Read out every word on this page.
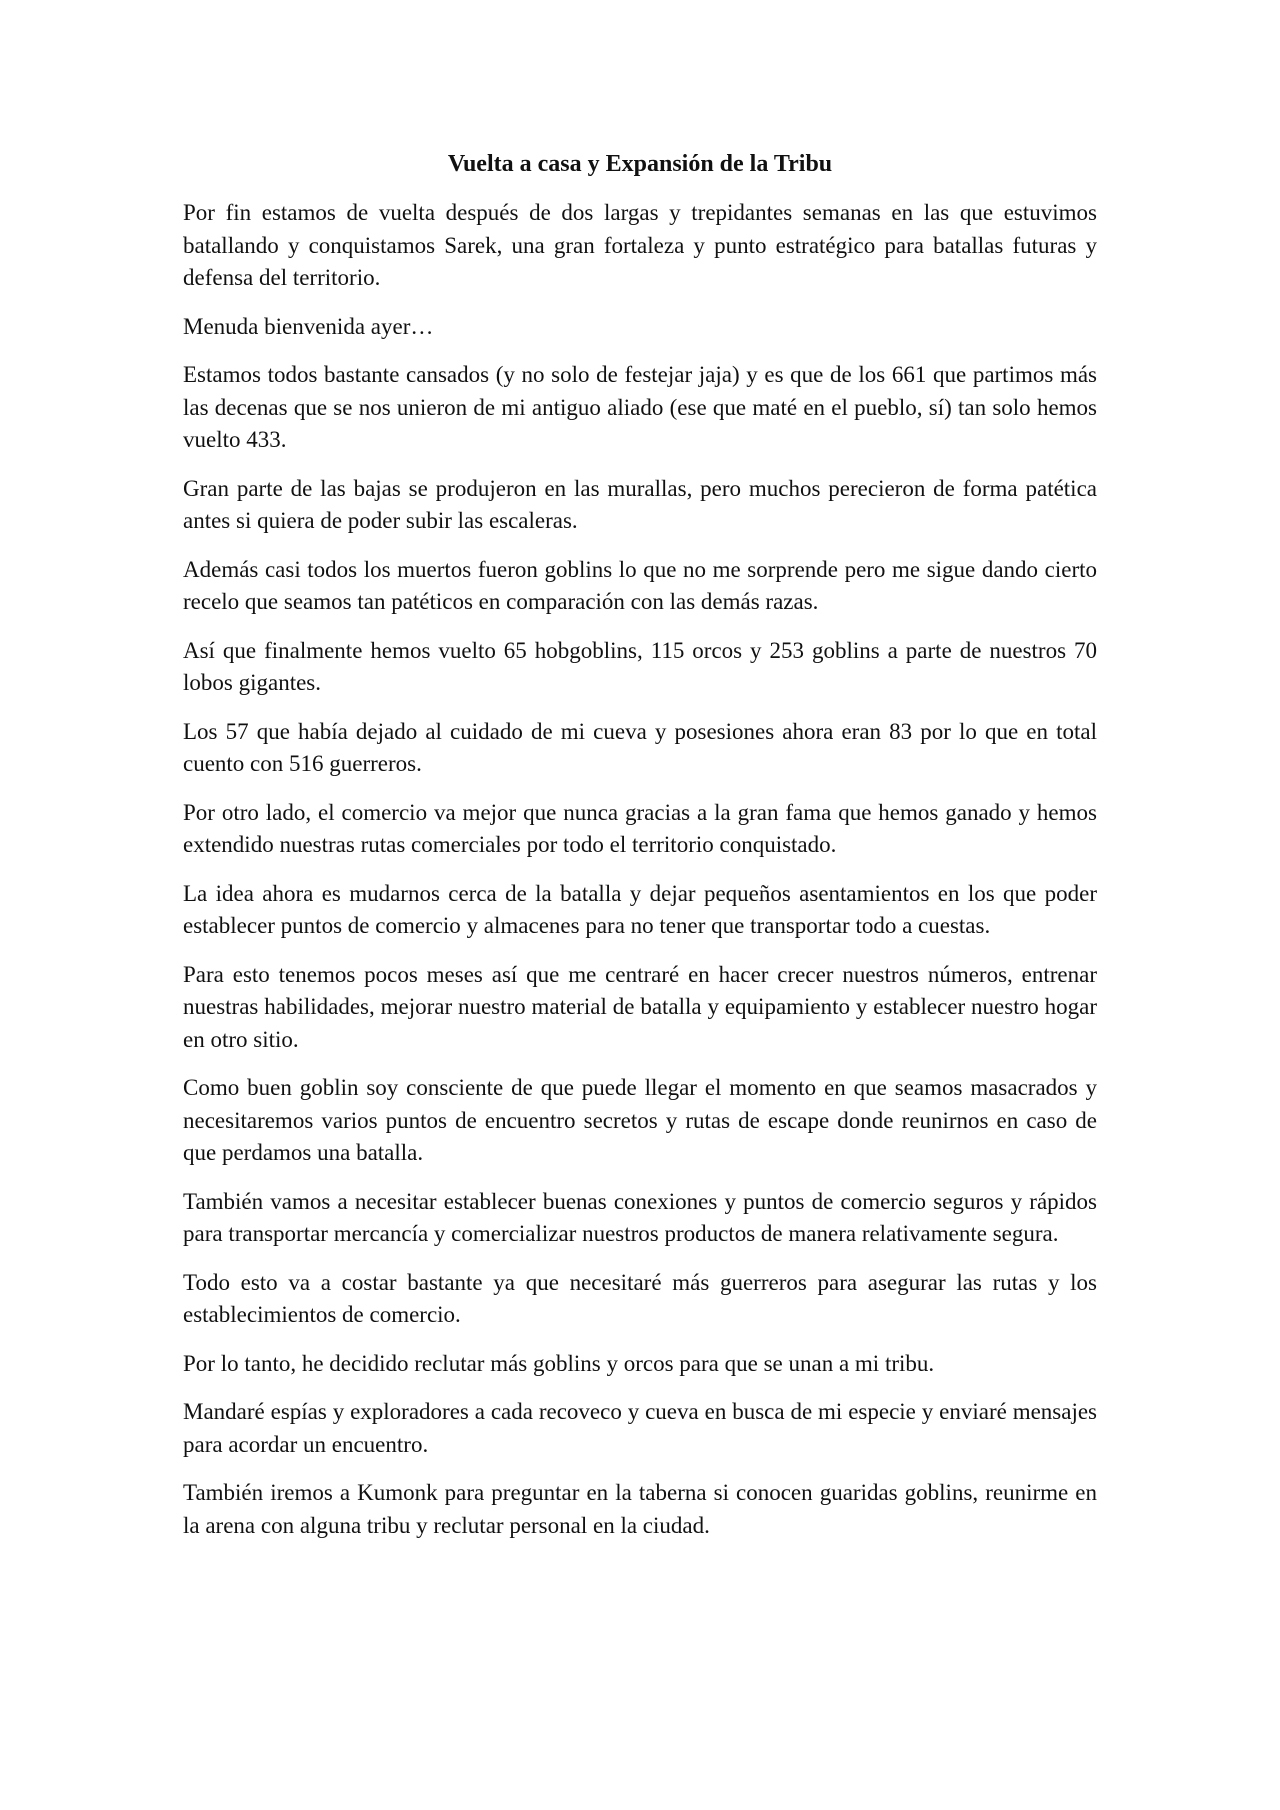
Vuelta a casa y Expansión de la Tribu

Por fin estamos de vuelta después de dos largas y trepidantes semanas en las que estuvimos batallando y conquistamos Sarek, una gran fortaleza y punto estratégico para batallas futuras y defensa del territorio.

Menuda bienvenida ayer…

Estamos todos bastante cansados (y no solo de festejar jaja) y es que de los 661 que partimos más las decenas que se nos unieron de mi antiguo aliado (ese que maté en el pueblo, sí) tan solo hemos vuelto 433.

Gran parte de las bajas se produjeron en las murallas, pero muchos perecieron de forma patética antes si quiera de poder subir las escaleras.

Además casi todos los muertos fueron goblins lo que no me sorprende pero me sigue dando cierto recelo que seamos tan patéticos en comparación con las demás razas.

Así que finalmente hemos vuelto 65 hobgoblins, 115 orcos y 253 goblins a parte de nuestros 70 lobos gigantes.

Los 57 que había dejado al cuidado de mi cueva y posesiones ahora eran 83 por lo que en total cuento con 516 guerreros.

Por otro lado, el comercio va mejor que nunca gracias a la gran fama que hemos ganado y hemos extendido nuestras rutas comerciales por todo el territorio conquistado.

La idea ahora es mudarnos cerca de la batalla y dejar pequeños asentamientos en los que poder establecer puntos de comercio y almacenes para no tener que transportar todo a cuestas.

Para esto tenemos pocos meses así que me centraré en hacer crecer nuestros números, entrenar nuestras habilidades, mejorar nuestro material de batalla y equipamiento y establecer nuestro hogar en otro sitio.

Como buen goblin soy consciente de que puede llegar el momento en que seamos masacrados y necesitaremos varios puntos de encuentro secretos y rutas de escape donde reunirnos en caso de que perdamos una batalla.

También vamos a necesitar establecer buenas conexiones y puntos de comercio seguros y rápidos para transportar mercancía y comercializar nuestros productos de manera relativamente segura.

Todo esto va a costar bastante ya que necesitaré más guerreros para asegurar las rutas y los establecimientos de comercio.

Por lo tanto, he decidido reclutar más goblins y orcos para que se unan a mi tribu.

Mandaré espías y exploradores a cada recoveco y cueva en busca de mi especie y enviaré mensajes para acordar un encuentro.

También iremos a Kumonk para preguntar en la taberna si conocen guaridas goblins, reunirme en la arena con alguna tribu y reclutar personal en la ciudad.
